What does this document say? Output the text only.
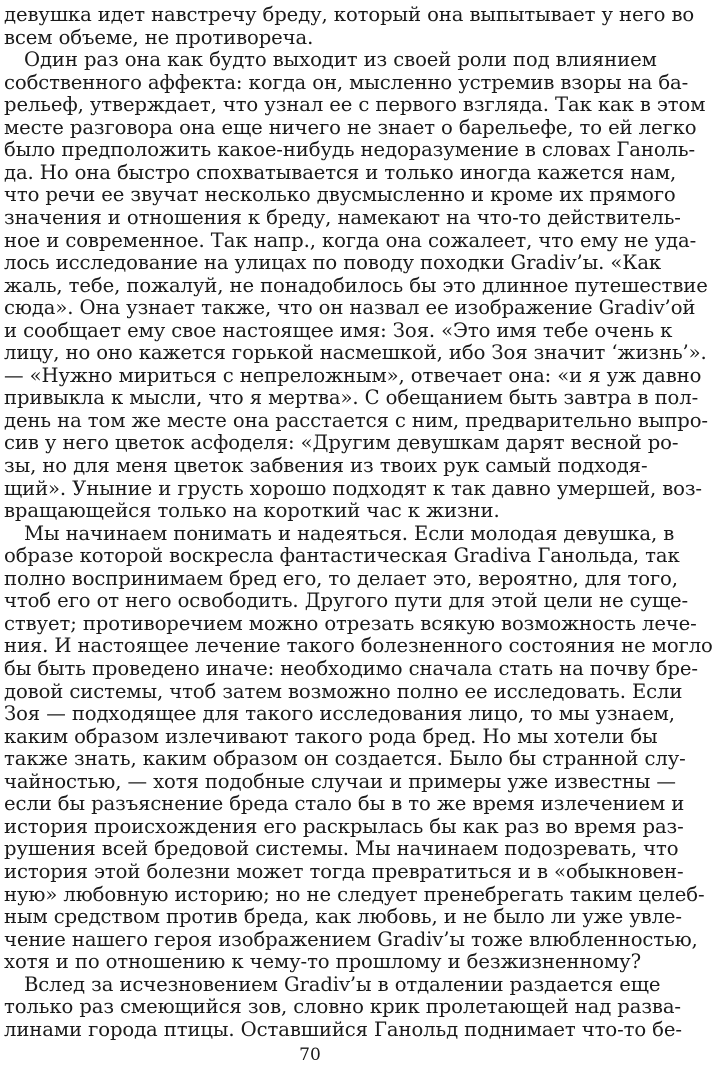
девушка идет навстречу бреду, который она выпытывает у него во
всем объеме, не противореча.
Один раз она как будто выходит из своей роли под влиянием
собственного аффекта: когда он, мысленно устремив взоры на ба-
рельеф, утверждает, что узнал ее с первого взгляда. Так как в этом
месте разговора она еще ничего не знает о барельефе, то ей легко
было предположить какое-нибудь недоразумение в словах Ганоль-
да. Но она быстро спохватывается и только иногда кажется нам,
что речи ее звучат несколько двусмысленно и кроме их прямого
значения и отношения к бреду, намекают на что-то действитель-
ное и современное. Так напр., когда она сожалеет, что ему не уда-
лось исследование на улицах по поводу походки Gradiv’ы. «Как
жаль, тебе, пожалуй, не понадобилось бы это длинное путешествие
сюда». Она узнает также, что он назвал ее изображение Gradiv’ой
и сообщает ему свое настоящее имя: Зоя. «Это имя тебе очень к
лицу, но оно кажется горькой насмешкой, ибо Зоя значит ‘жизнь’».
— «Нужно мириться с непреложным», отвечает она: «и я уж давно
привыкла к мысли, что я мертва». С обещанием быть завтра в пол-
день на том же месте она расстается с ним, предварительно выпро-
сив у него цветок асфоделя: «Другим девушкам дарят весной ро-
зы, но для меня цветок забвения из твоих рук самый подходя-
щий». Уныние и грусть хорошо подходят к так давно умершей, воз-
вращающейся только на короткий час к жизни.
Мы начинаем понимать и надеяться. Если молодая девушка, в
образе которой воскресла фантастическая Gradiva Ганольда, так
полно воспринимаем бред его, то делает это, вероятно, для того,
чтоб его от него освободить. Другого пути для этой цели не суще-
ствует; противоречием можно отрезать всякую возможность лече-
ния. И настоящее лечение такого болезненного состояния не могло
бы быть проведено иначе: необходимо сначала стать на почву бре-
довой системы, чтоб затем возможно полно ее исследовать. Если
Зоя — подходящее для такого исследования лицо, то мы узнаем,
каким образом излечивают такого рода бред. Но мы хотели бы
также знать, каким образом он создается. Было бы странной слу-
чайностью, — хотя подобные случаи и примеры уже известны —
если бы разъяснение бреда стало бы в то же время излечением и
история происхождения его раскрылась бы как раз во время раз-
рушения всей бредовой системы. Мы начинаем подозревать, что
история этой болезни может тогда превратиться и в «обыкновен-
ную» любовную историю; но не следует пренебрегать таким целеб-
ным средством против бреда, как любовь, и не было ли уже увле-
чение нашего героя изображением Gradiv’ы тоже влюбленностью,
хотя и по отношению к чему-то прошлому и безжизненному?
Вслед за исчезновением Gradiv’ы в отдалении раздается еще
только раз смеющийся зов, словно крик пролетающей над разва-
линами города птицы. Оставшийся Ганольд поднимает что-то бе-
70
